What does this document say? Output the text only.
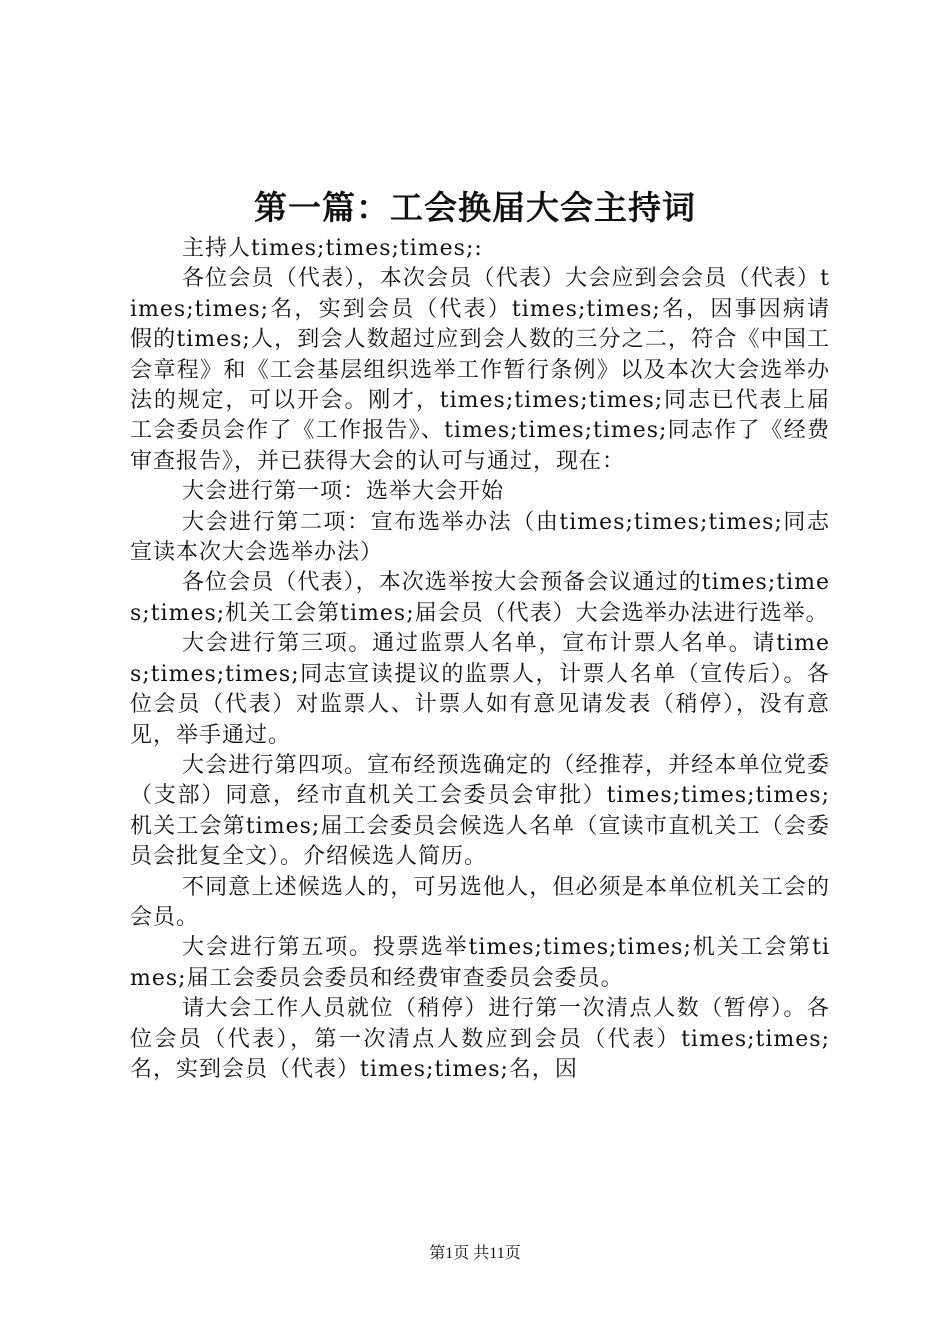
第一篇：工会换届大会主持词

主持人times;times;times;:

各位会员（代表），本次会员（代表）大会应到会会员（代表）times;times;名，实到会员（代表）times;times;名，因事因病请假的times;人，到会人数超过应到会人数的三分之二，符合《中国工会章程》和《工会基层组织选举工作暂行条例》以及本次大会选举办法的规定，可以开会。刚才，times;times;times;同志已代表上届工会委员会作了《工作报告》、times;times;times;同志作了《经费审查报告》，并已获得大会的认可与通过，现在：

大会进行第一项：选举大会开始

大会进行第二项：宣布选举办法（由times;times;times;同志宣读本次大会选举办法）

各位会员（代表），本次选举按大会预备会议通过的times;times;times;机关工会第times;届会员（代表）大会选举办法进行选举。

大会进行第三项。通过监票人名单，宣布计票人名单。请times;times;times;同志宣读提议的监票人，计票人名单（宣传后）。各位会员（代表）对监票人、计票人如有意见请发表（稍停），没有意见，举手通过。

大会进行第四项。宣布经预选确定的（经推荐，并经本单位党委（支部）同意，经市直机关工会委员会审批）times;times;times;机关工会第times;届工会委员会候选人名单（宣读市直机关工（会委员会批复全文）。介绍候选人简历。

不同意上述候选人的，可另选他人，但必须是本单位机关工会的会员。

大会进行第五项。投票选举times;times;times;机关工会第times;届工会委员会委员和经费审查委员会委员。

请大会工作人员就位（稍停）进行第一次清点人数（暂停）。各位会员（代表），第一次清点人数应到会员（代表）times;times;名，实到会员（代表）times;times;名，因

第1页 共11页
